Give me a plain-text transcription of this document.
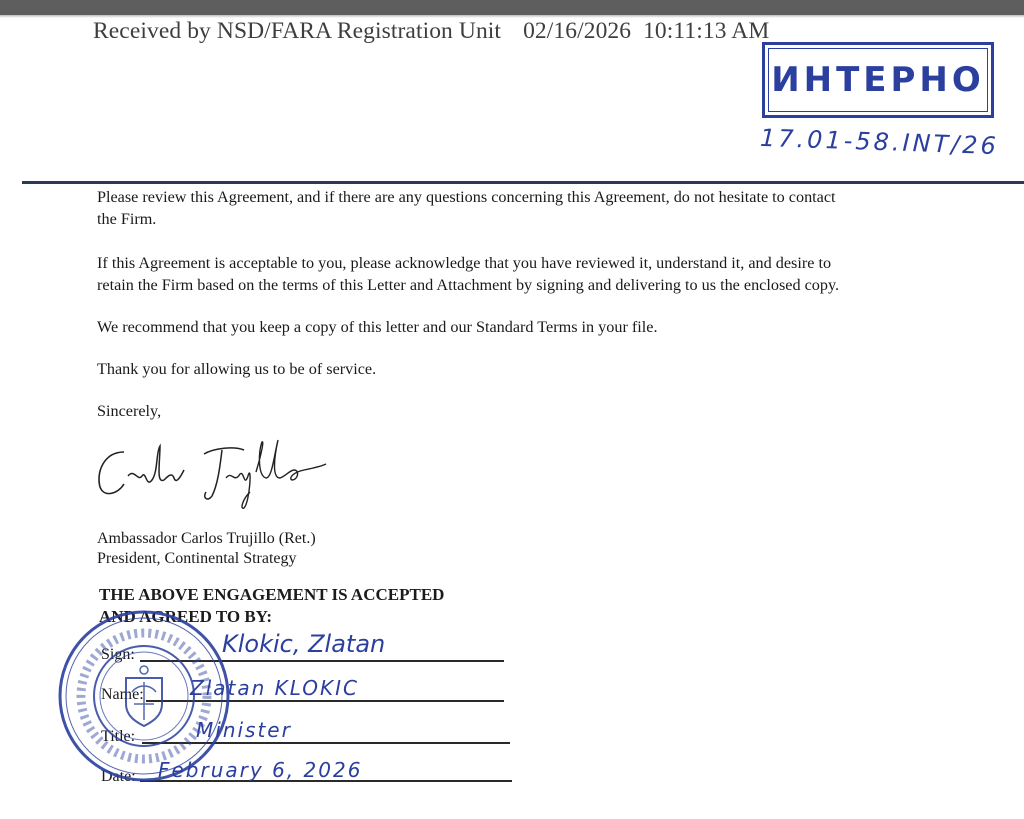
Received by NSD/FARA Registration Unit 02/16/2026 10:11:13 AM
ИНТЕРНО
17.01-58.INT/26
Please review this Agreement, and if there are any questions concerning this Agreement, do not hesitate to contact
the Firm.
If this Agreement is acceptable to you, please acknowledge that you have reviewed it, understand it, and desire to
retain the Firm based on the terms of this Letter and Attachment by signing and delivering to us the enclosed copy.
We recommend that you keep a copy of this letter and our Standard Terms in your file.
Thank you for allowing us to be of service.
Sincerely,
Ambassador Carlos Trujillo (Ret.)
President, Continental Strategy
THE ABOVE ENGAGEMENT IS ACCEPTED
AND AGREED TO BY:
Sign:	Klokic, Zlatan
Name: Zlatan KLOKIC
Title:	Minister
Date: February 6, 2026
